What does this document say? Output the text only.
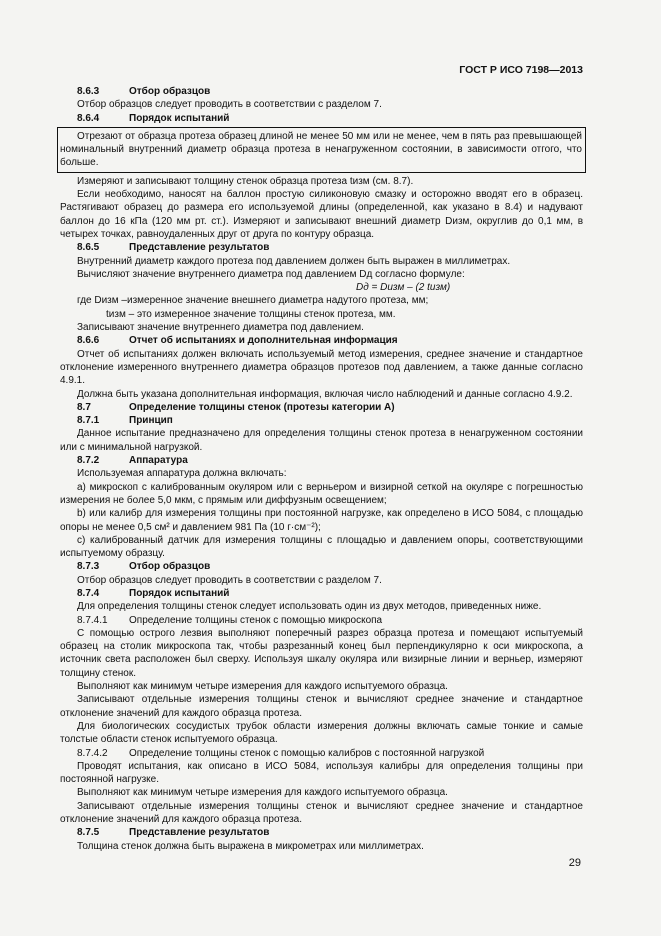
ГОСТ Р ИСО 7198—2013

8.6.3	Отбор образцов

Отбор образцов следует проводить в соответствии с разделом 7.

8.6.4	Порядок испытаний

Отрезают от образца протеза образец длиной не менее 50 мм или не менее, чем в пять раз превышающей номинальный внутренний диаметр образца протеза в ненагруженном состоянии, в зависимости отгого, что больше.

Измеряют и записывают толщину стенок образца протеза tизм (см. 8.7).

Если необходимо, наносят на баллон простую силиконовую смазку и осторожно вводят его в образец. Растягивают образец до размера его используемой длины (определенной, как указано в 8.4) и надувают баллон до 16 кПа (120 мм рт. ст.). Измеряют и записывают внешний диаметр Dизм, округлив до 0,1 мм, в четырех точках, равноудаленных друг от друга по контуру образца.

8.6.5	Представление результатов

Внутренний диаметр каждого протеза под давлением должен быть выражен в миллиметрах.

Вычисляют значение внутреннего диаметра под давлением Dд согласно формуле:

Dд = Dизм – (2 tизм)

где Dизм –измеренное значение внешнего диаметра надутого протеза, мм;

tизм – это измеренное значение толщины стенок протеза, мм.

Записывают значение внутреннего диаметра под давлением.

8.6.6	Отчет об испытаниях и дополнительная информация

Отчет об испытаниях должен включать используемый метод измерения, среднее значение и стандартное отклонение измеренного внутреннего диаметра образцов протезов под давлением, а также данные согласно 4.9.1.

Должна быть указана дополнительная информация, включая число наблюдений и данные согласно 4.9.2.

8.7	Определение толщины стенок (протезы категории А)

8.7.1	Принцип

Данное испытание предназначено для определения толщины стенок протеза в ненагруженном состоянии или с минимальной нагрузкой.

8.7.2	Аппаратура

Используемая аппаратура должна включать:

а) микроскоп с калиброванным окуляром или с верньером и визирной сеткой на окуляре с погрешностью измерения не более 5,0 мкм, с прямым или диффузным освещением;

b) или калибр для измерения толщины при постоянной нагрузке, как определено в ИСО 5084, с площадью опоры не менее 0,5 см² и давлением 981 Па (10 г·см⁻²);

с) калиброванный датчик для измерения толщины с площадью и давлением опоры, соответствующими испытуемому образцу.

8.7.3	Отбор образцов

Отбор образцов следует проводить в соответствии с разделом 7.

8.7.4	Порядок испытаний

Для определения толщины стенок следует использовать один из двух методов, приведенных ниже.

8.7.4.1 Определение толщины стенок с помощью микроскопа

С помощью острого лезвия выполняют поперечный разрез образца протеза и помещают испытуемый образец на столик микроскопа так, чтобы разрезанный конец был перпендикулярно к оси микроскопа, а источник света расположен был сверху. Используя шкалу окуляра или визирные линии и верньер, измеряют толщину стенок.

Выполняют как минимум четыре измерения для каждого испытуемого образца.

Записывают отдельные измерения толщины стенок и вычисляют среднее значение и стандартное отклонение значений для каждого образца протеза.

Для биологических сосудистых трубок области измерения должны включать самые тонкие и самые толстые области стенок испытуемого образца.

8.7.4.2 Определение толщины стенок с помощью калибров с постоянной нагрузкой

Проводят испытания, как описано в ИСО 5084, используя калибры для определения толщины при постоянной нагрузке.

Выполняют как минимум четыре измерения для каждого испытуемого образца.

Записывают отдельные измерения толщины стенок и вычисляют среднее значение и стандартное отклонение значений для каждого образца протеза.

8.7.5	Представление результатов

Толщина стенок должна быть выражена в микрометрах или миллиметрах.

29
